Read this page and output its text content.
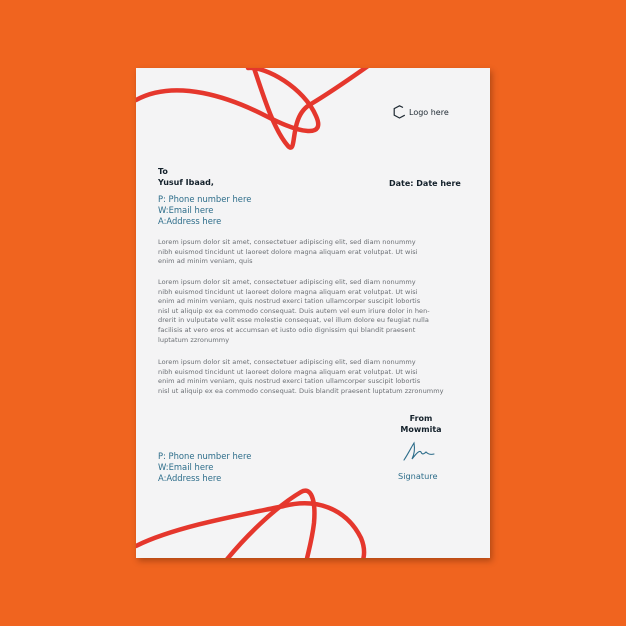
Logo here
To
Yusuf Ibaad,	Date: Date here
P: Phone number here
W:Email here
A:Address here
Lorem ipsum dolor sit amet, consectetuer adipiscing elit, sed diam nonummy
nibh euismod tincidunt ut laoreet dolore magna aliquam erat volutpat. Ut wisi
enim ad minim veniam, quis
Lorem ipsum dolor sit amet, consectetuer adipiscing elit, sed diam nonummy
nibh euismod tincidunt ut laoreet dolore magna aliquam erat volutpat. Ut wisi
enim ad minim veniam, quis nostrud exerci tation ullamcorper suscipit lobortis
nisl ut aliquip ex ea commodo consequat. Duis autem vel eum iriure dolor in hen-
drerit in vulputate velit esse molestie consequat, vel illum dolore eu feugiat nulla
facilisis at vero eros et accumsan et iusto odio dignissim qui blandit praesent
luptatum zzronummy
Lorem ipsum dolor sit amet, consectetuer adipiscing elit, sed diam nonummy
nibh euismod tincidunt ut laoreet dolore magna aliquam erat volutpat. Ut wisi
enim ad minim veniam, quis nostrud exerci tation ullamcorper suscipit lobortis
nisl ut aliquip ex ea commodo consequat. Duis blandit praesent luptatum zzronummy
From
Mowmita
Signature
P: Phone number here
W:Email here
A:Address here
